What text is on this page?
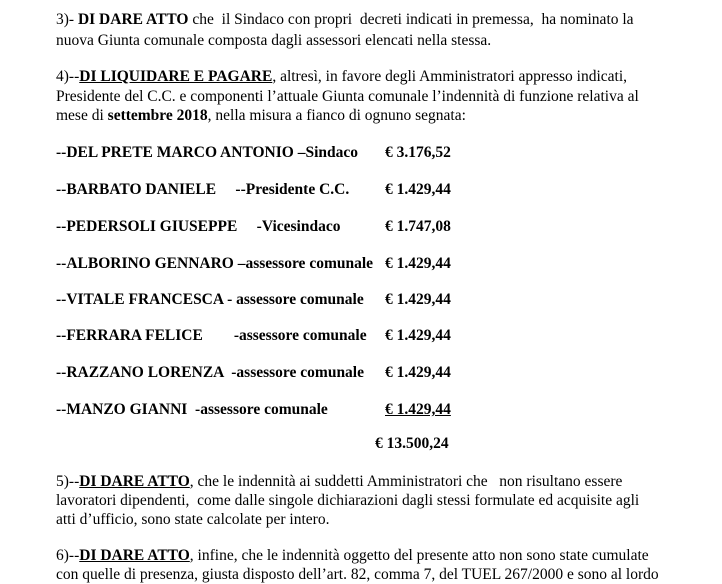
3)- DI DARE ATTO che  il Sindaco con propri  decreti indicati in premessa,  ha nominato la
nuova Giunta comunale composta dagli assessori elencati nella stessa.
4)--DI LIQUIDARE E PAGARE, altresì, in favore degli Amministratori appresso indicati,
Presidente del C.C. e componenti l’attuale Giunta comunale l’indennità di funzione relativa al
mese di settembre 2018, nella misura a fianco di ognuno segnata:
--DEL PRETE MARCO ANTONIO –Sindaco € 3.176,52
--BARBATO DANIELE     --Presidente C.C. € 1.429,44
--PEDERSOLI GIUSEPPE     -Vicesindaco	€ 1.747,08
--ALBORINO GENNARO –assessore comunale € 1.429,44
--VITALE FRANCESCA - assessore comunale € 1.429,44
--FERRARA FELICE        -assessore comunale € 1.429,44
--RAZZANO LORENZA  -assessore comunale € 1.429,44
--MANZO GIANNI  -assessore comunale	€ 1.429,44
€ 13.500,24
5)--DI DARE ATTO, che le indennità ai suddetti Amministratori che   non risultano essere
lavoratori dipendenti,  come dalle singole dichiarazioni dagli stessi formulate ed acquisite agli
atti d’ufficio, sono state calcolate per intero.
6)--DI DARE ATTO, infine, che le indennità oggetto del presente atto non sono state cumulate
con quelle di presenza, giusta disposto dell’art. 82, comma 7, del TUEL 267/2000 e sono al lordo
